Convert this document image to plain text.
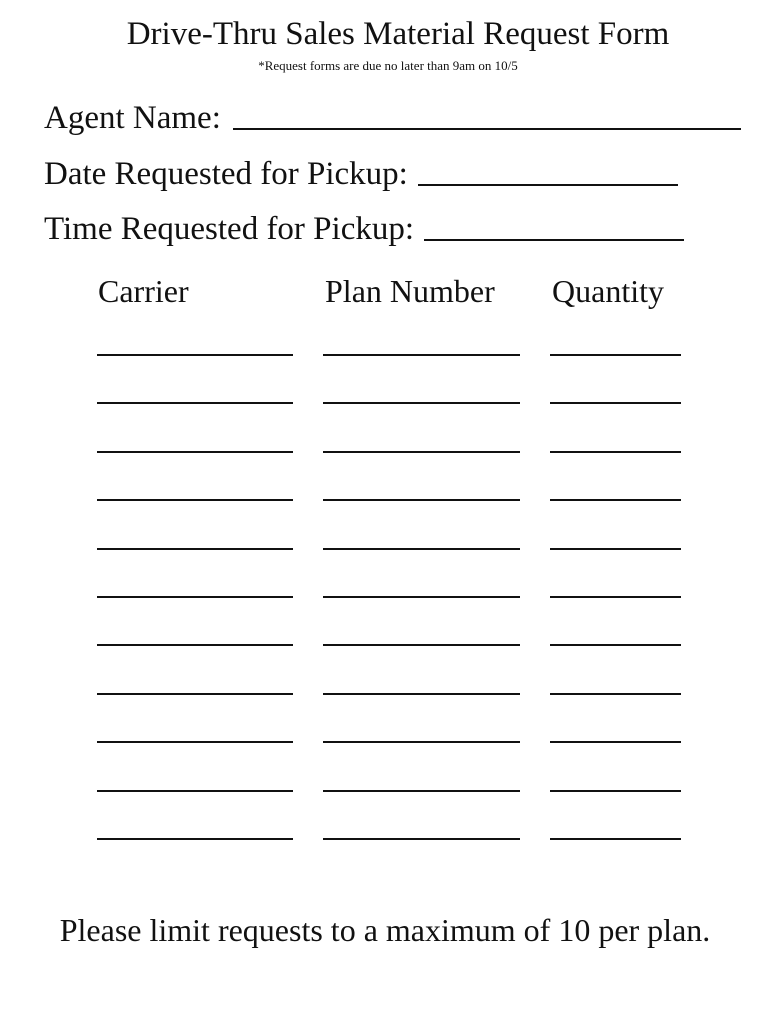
Drive-Thru Sales Material Request Form
*Request forms are due no later than 9am on 10/5
Agent Name:
Date Requested for Pickup:
Time Requested for Pickup:
Carrier	Plan Number Quantity
Please limit requests to a maximum of 10 per plan.
